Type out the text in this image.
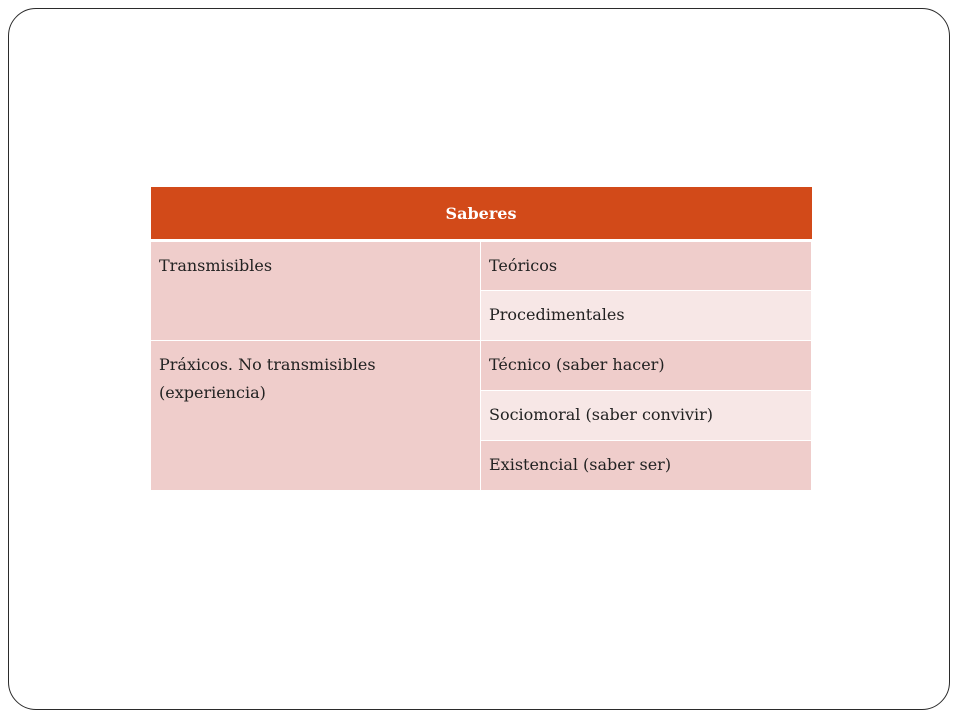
Saberes	
Transmisibles	Teóricos
	Procedimentales
Práxicos. No transmisibles (experiencia)	Técnico (saber hacer)
	Sociomoral (saber convivir)
	Existencial (saber ser)
